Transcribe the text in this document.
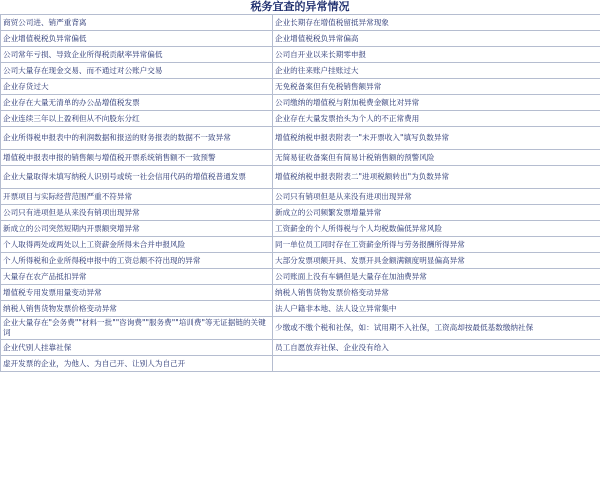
税务宜查的异常情况
商贸公司进、销严重背离	企业长期存在增值税留抵异常现象
企业增值税税负异常偏低	企业增值税税负异常偏高
公司常年亏损、导致企业所得税贡献率异常偏低	公司自开业以来长期零申报
公司大量存在现金交易、而不通过对公账户交易	企业的往来账户挂账过大
企业存货过大	无免税备案但有免税销售额异常
企业存在大量无清单的办公品增值税发票	公司缴纳的增值税与附加税费金额比对异常
企业连续三年以上盈利但从不向股东分红	企业存在大量发票抬头为个人的不正常费用
企业所得税申报表中的利润数据和报送的财务报表的数据不一致异常	增值税纳税申报表附表一"未开票收入"填写负数异常
增值税申报表申报的销售额与增值税开票系统销售额不一致预警	无简易征收备案但有简易计税销售额的预警风险
企业大量取得未填写纳税人识别号或统一社会信用代码的增值税普通发票	增值税纳税申报表附表二"进项税额转出"为负数异常
开票项目与实际经营范围严重不符异常	公司只有销项但是从来没有进项出现异常
公司只有进项但是从来没有销项出现异常	新成立的公司频繁发票增量异常
新成立的公司突然短期内开票额突增异常	工资薪金的个人所得税与个人均税数偏低异常风险
个人取得两处或两处以上工资薪金所得未合并申报风险	同一单位员工同时存在工资薪金所得与劳务报酬所得异常
个人所得税和企业所得税申报中的工资总额不符出现的异常	大部分发票项额开具、发票开具金额满额度明显偏高异常
大量存在农产品抵扣异常	公司账面上没有车辆但是大量存在加油费异常
增值税专用发票用量变动异常	纳税人销售货物发票价格变动异常
纳税人销售货物发票价格变动异常	法人户籍非本地、法人设立异常集中
企业大量存在"会务费""材料一批""咨询费""服务费""培训费"等无证据链的关键词	少缴或不缴个税和社保，如：试用期不入社保，工资高却按最低基数缴纳社保
企业代别人挂靠社保	员工自愿放弃社保、企业没有给入
虚开发票的企业，为他人、为自己开、让别人为自己开	
